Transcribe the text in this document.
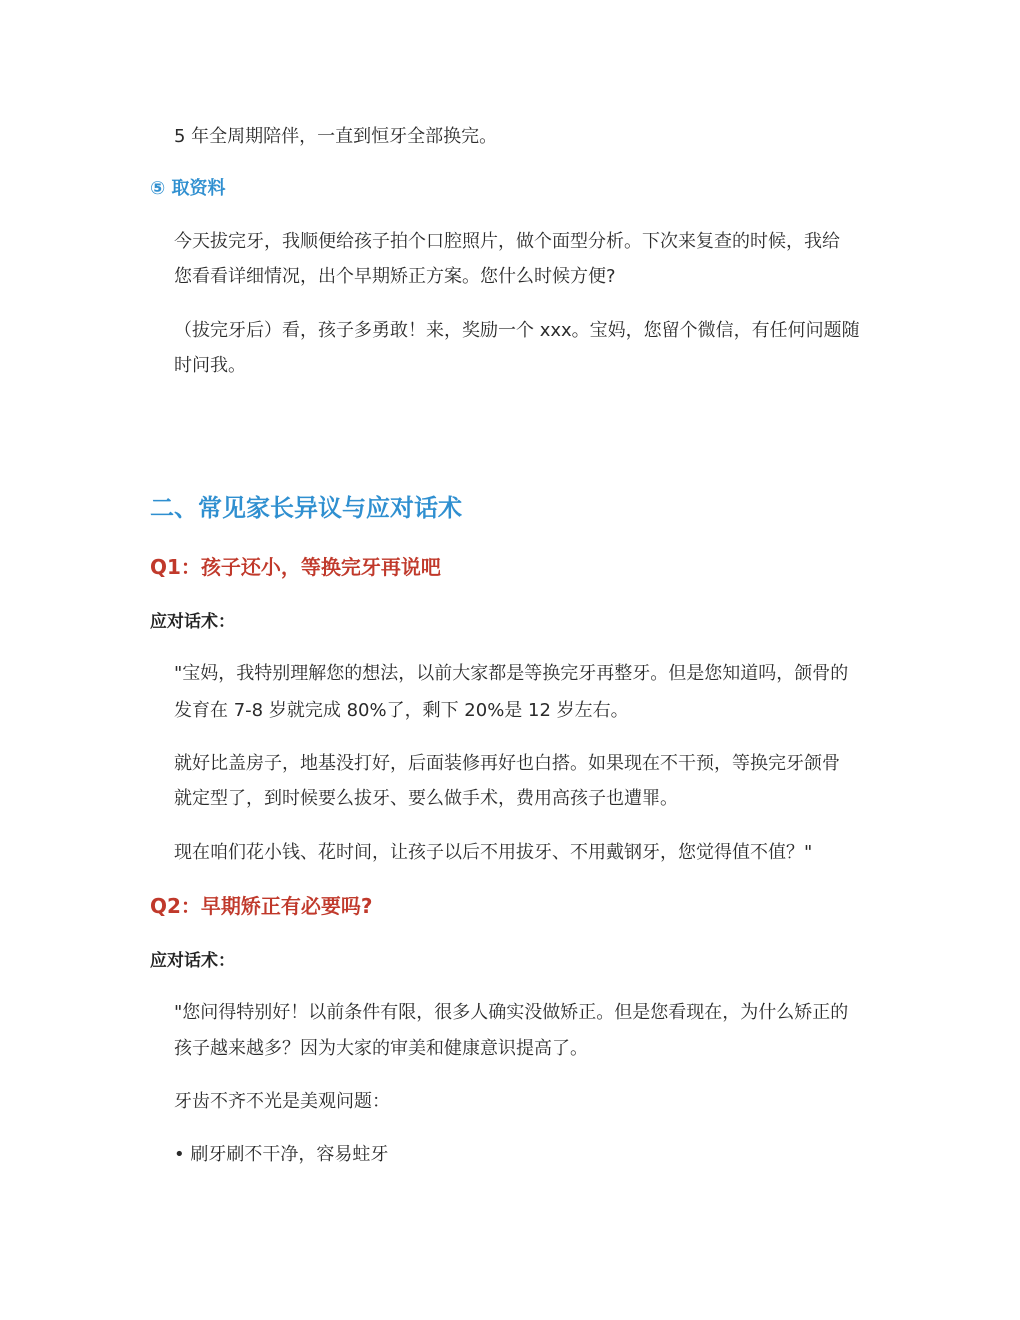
5 年全周期陪伴，一直到恒牙全部换完。
⑤ 取资料
今天拔完牙，我顺便给孩子拍个口腔照片，做个面型分析。下次来复查的时候，我给
您看看详细情况，出个早期矫正方案。您什么时候方便?
（拔完牙后）看，孩子多勇敢！来，奖励一个 xxx。宝妈，您留个微信，有任何问题随
时问我。
二、常见家长异议与应对话术
Q1：孩子还小，等换完牙再说吧
应对话术：
"宝妈，我特别理解您的想法，以前大家都是等换完牙再整牙。但是您知道吗，颌骨的
发育在 7-8 岁就完成 80%了，剩下 20%是 12 岁左右。
就好比盖房子，地基没打好，后面装修再好也白搭。如果现在不干预，等换完牙颌骨
就定型了，到时候要么拔牙、要么做手术，费用高孩子也遭罪。
现在咱们花小钱、花时间，让孩子以后不用拔牙、不用戴钢牙，您觉得值不值？"
Q2：早期矫正有必要吗?
应对话术：
"您问得特别好！以前条件有限，很多人确实没做矫正。但是您看现在，为什么矫正的
孩子越来越多？因为大家的审美和健康意识提高了。
牙齿不齐不光是美观问题：
• 刷牙刷不干净，容易蛀牙
